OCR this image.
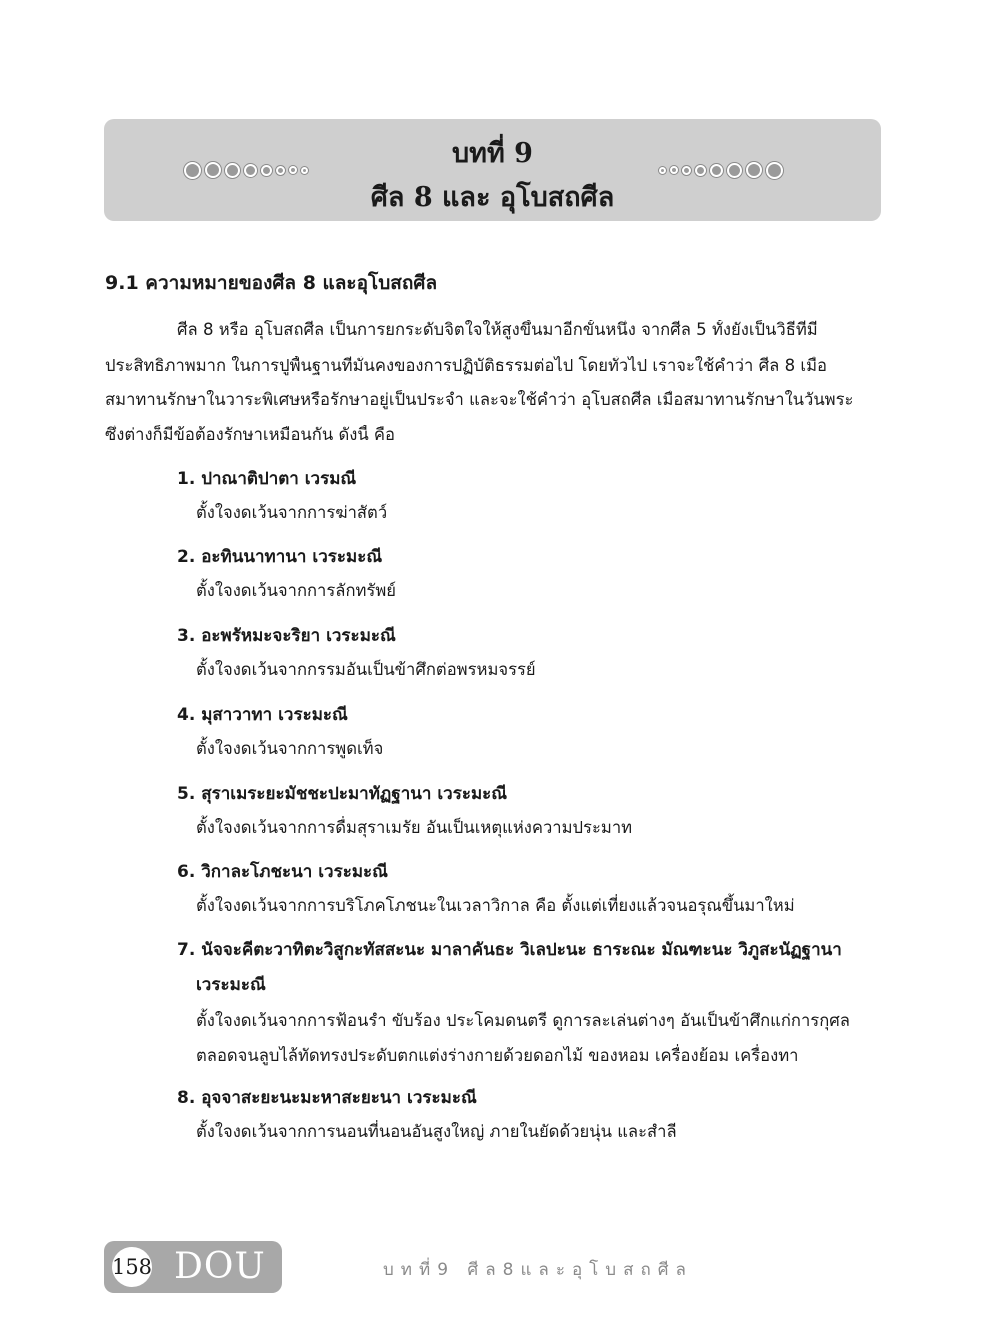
บทที่ 9
ศีล 8 และ อุโบสถศีล
9.1 ความหมายของศีล 8 และอุโบสถศีล
ศีล 8 หรือ อุโบสถศีล เป็นการยกระดับจิตใจให้สูงขึ้นมาอีกขั้นหนึ่ง จากศีล 5 ทั้งยังเป็นวิธีที่มี
ประสิทธิภาพมาก ในการปูพื้นฐานที่มั่นคงของการปฏิบัติธรรมต่อไป โดยทั่วไป เราจะใช้คำว่า ศีล 8 เมื่อ
สมาทานรักษาในวาระพิเศษหรือรักษาอยู่เป็นประจำ และจะใช้คำว่า อุโบสถศีล เมื่อสมาทานรักษาในวันพระ
ซึ่งต่างก็มีข้อต้องรักษาเหมือนกัน ดังนี้ คือ
1. ปาณาติปาตา เวรมณี
ตั้งใจงดเว้นจากการฆ่าสัตว์
2. อะทินนาทานา เวระมะณี
ตั้งใจงดเว้นจากการลักทรัพย์
3. อะพรัหมะจะริยา เวระมะณี
ตั้งใจงดเว้นจากกรรมอันเป็นข้าศึกต่อพรหมจรรย์
4. มุสาวาทา เวระมะณี
ตั้งใจงดเว้นจากการพูดเท็จ
5. สุราเมระยะมัชชะปะมาทัฏฐานา เวระมะณี
ตั้งใจงดเว้นจากการดื่มสุราเมรัย อันเป็นเหตุแห่งความประมาท
6. วิกาละโภชะนา เวระมะณี
ตั้งใจงดเว้นจากการบริโภคโภชนะในเวลาวิกาล คือ ตั้งแต่เที่ยงแล้วจนอรุณขึ้นมาใหม่
7. นัจจะคีตะวาทิตะวิสูกะทัสสะนะ มาลาคันธะ วิเลปะนะ ธาระณะ มัณฑะนะ วิภูสะนัฏฐานา
เวระมะณี
ตั้งใจงดเว้นจากการฟ้อนรำ ขับร้อง ประโคมดนตรี ดูการละเล่นต่างๆ อันเป็นข้าศึกแก่การกุศล
ตลอดจนลูบไล้ทัดทรงประดับตกแต่งร่างกายด้วยดอกไม้ ของหอม เครื่องย้อม เครื่องทา
8. อุจจาสะยะนะมะหาสะยะนา เวระมะณี
ตั้งใจงดเว้นจากการนอนที่นอนอันสูงใหญ่ ภายในยัดด้วยนุ่น และสำลี
158 DOU	บทที่9 ศีล8และอุโบสถศีล
